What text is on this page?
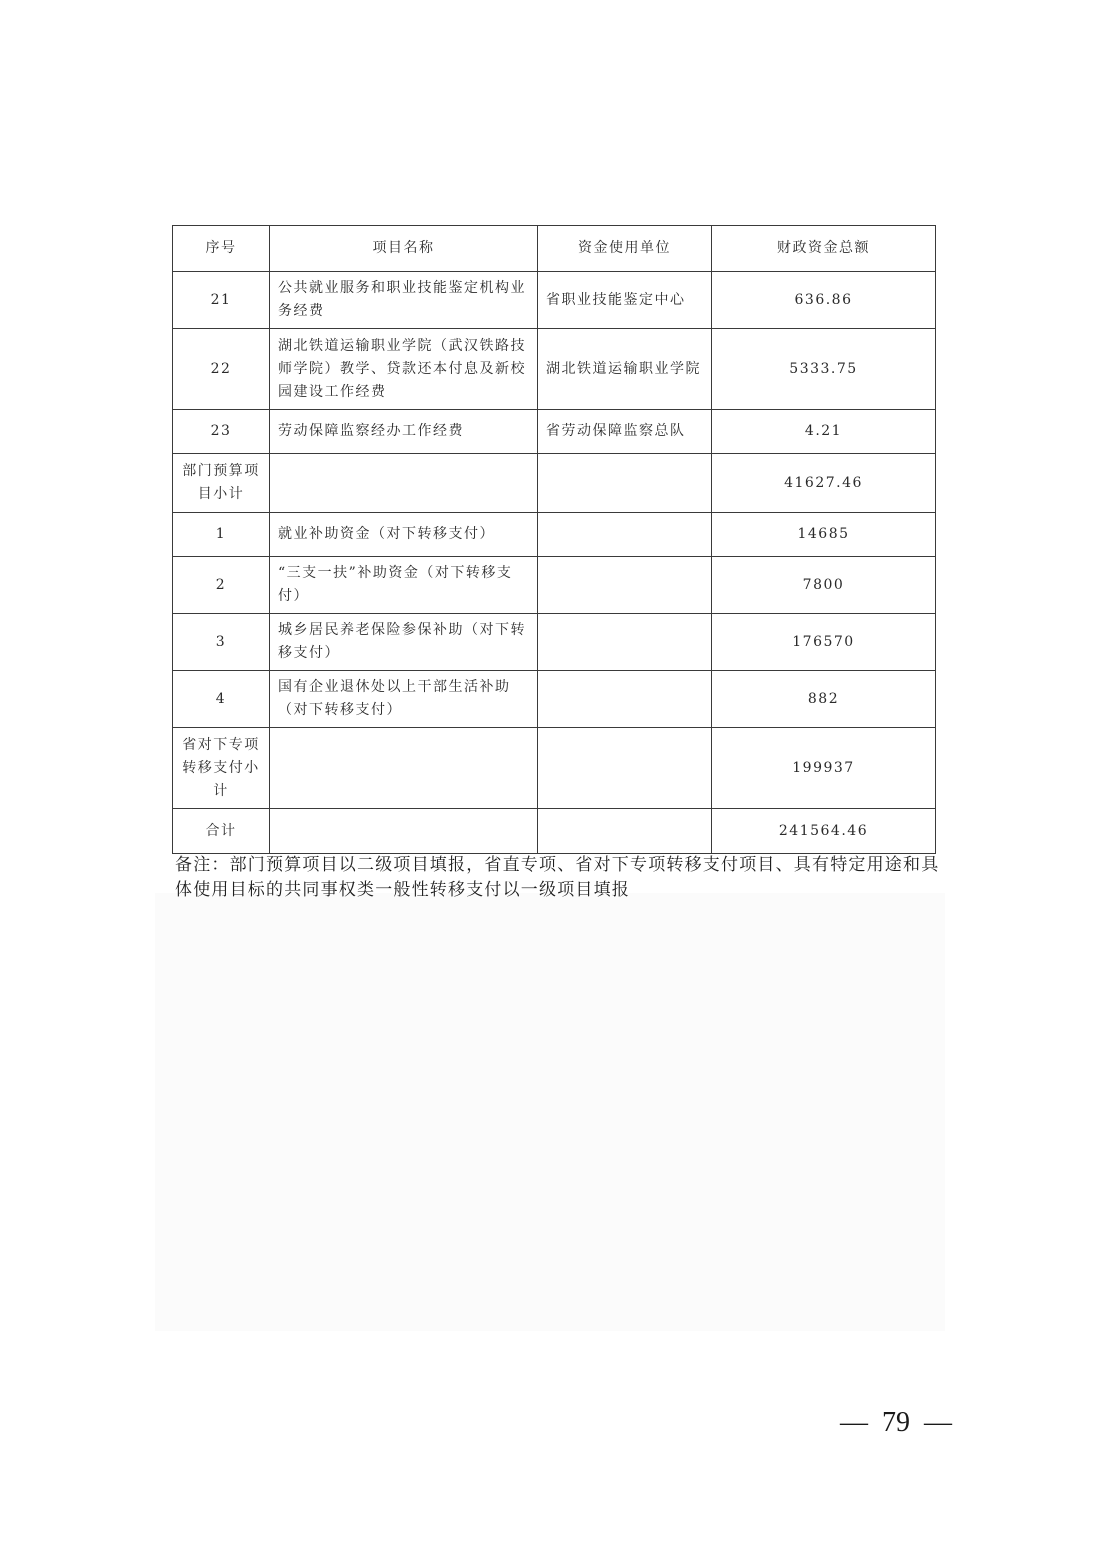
序号	项目名称	资金使用单位	财政资金总额
21	公共就业服务和职业技能鉴定机构业务经费	省职业技能鉴定中心	636.86
22	湖北铁道运输职业学院（武汉铁路技师学院）教学、贷款还本付息及新校园建设工作经费	湖北铁道运输职业学院	5333.75
23	劳动保障监察经办工作经费	省劳动保障监察总队	4.21
部门预算项目小计			41627.46
1	就业补助资金（对下转移支付）		14685
2	“三支一扶”补助资金（对下转移支付）		7800
3	城乡居民养老保险参保补助（对下转移支付）		176570
4	国有企业退休处以上干部生活补助（对下转移支付）		882
省对下专项转移支付小计			199937
合计			241564.46
备注：部门预算项目以二级项目填报，省直专项、省对下专项转移支付项目、具有特定用途和具体使用目标的共同事权类一般性转移支付以一级项目填报
—  79  —
